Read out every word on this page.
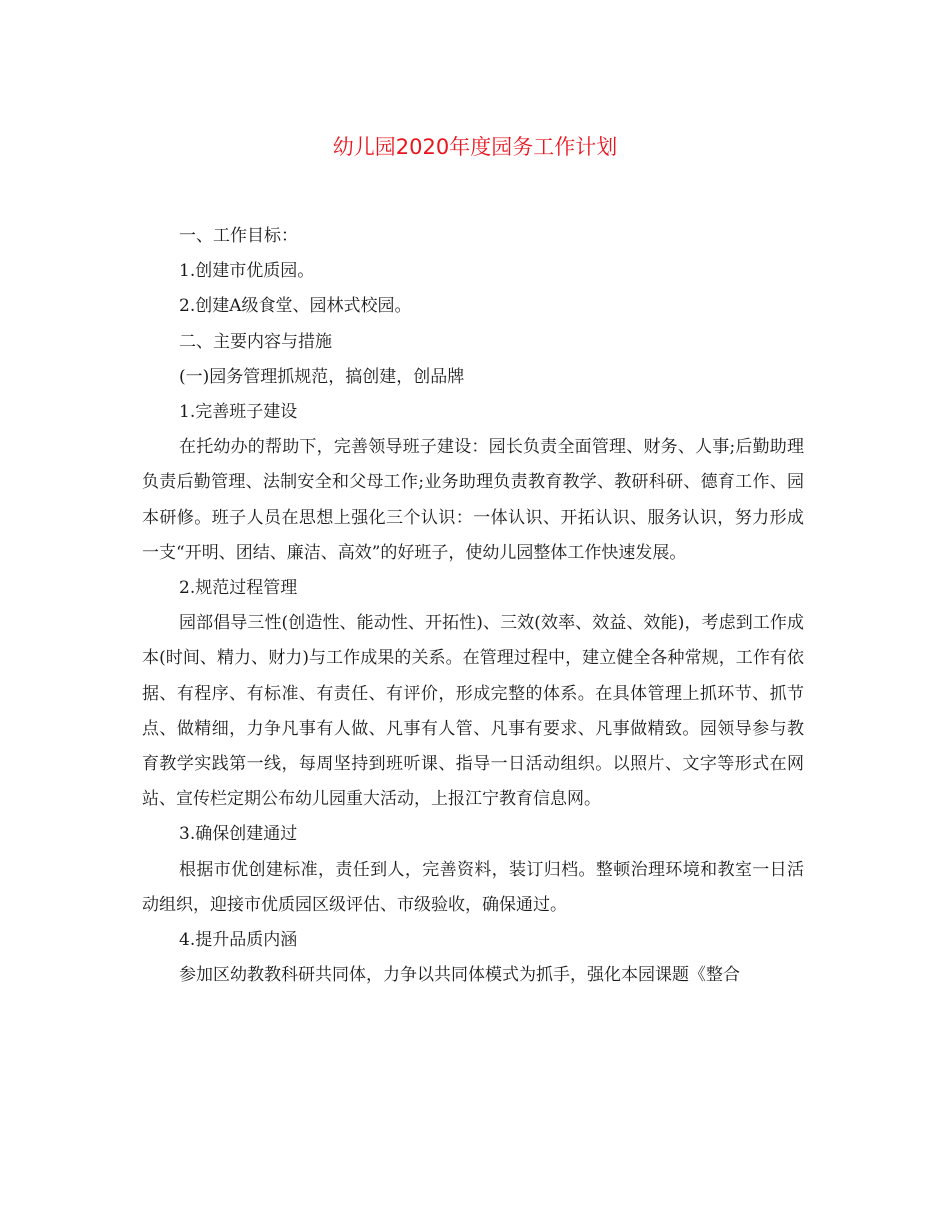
幼儿园2020年度园务工作计划

一、工作目标：

1.创建市优质园。

2.创建A级食堂、园林式校园。

二、主要内容与措施

(一)园务管理抓规范，搞创建，创品牌

1.完善班子建设

在托幼办的帮助下，完善领导班子建设：园长负责全面管理、财务、人事;后勤助理负责后勤管理、法制安全和父母工作;业务助理负责教育教学、教研科研、德育工作、园本研修。班子人员在思想上强化三个认识：一体认识、开拓认识、服务认识，努力形成一支“开明、团结、廉洁、高效”的好班子，使幼儿园整体工作快速发展。

2.规范过程管理

园部倡导三性(创造性、能动性、开拓性)、三效(效率、效益、效能)，考虑到工作成本(时间、精力、财力)与工作成果的关系。在管理过程中，建立健全各种常规，工作有依据、有程序、有标准、有责任、有评价，形成完整的体系。在具体管理上抓环节、抓节点、做精细，力争凡事有人做、凡事有人管、凡事有要求、凡事做精致。园领导参与教育教学实践第一线，每周坚持到班听课、指导一日活动组织。以照片、文字等形式在网站、宣传栏定期公布幼儿园重大活动，上报江宁教育信息网。

3.确保创建通过

根据市优创建标准，责任到人，完善资料，装订归档。整顿治理环境和教室一日活动组织，迎接市优质园区级评估、市级验收，确保通过。

4.提升品质内涵

参加区幼教教科研共同体，力争以共同体模式为抓手，强化本园课题《整合
